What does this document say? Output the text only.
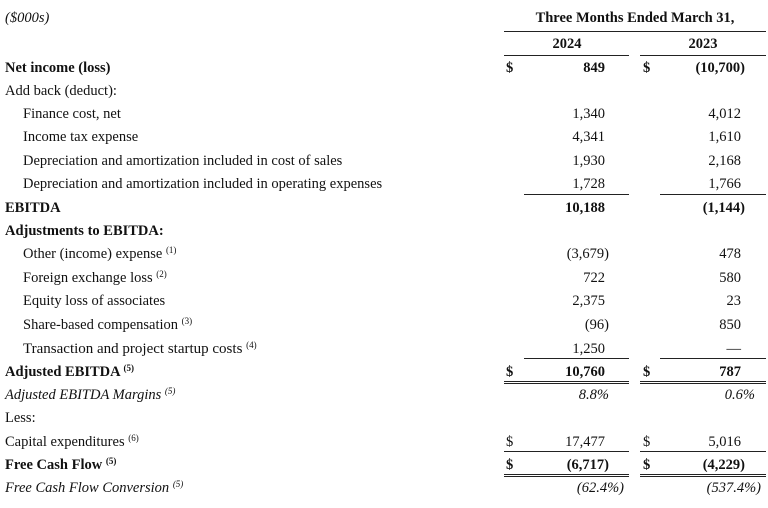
($000s)	Three Months Ended March 31,
2024	2023
Net income (loss)	$	849	$	(10,700)
Add back (deduct):
Finance cost, net	1,340	4,012
Income tax expense	4,341	1,610
Depreciation and amortization included in cost of sales	1,930	2,168
Depreciation and amortization included in operating expenses	1,728	1,766
EBITDA	10,188	(1,144)
Adjustments to EBITDA:
Other (income) expense $^{(1)}$	(3,679)	478
Foreign exchange loss $^{(2)}$	722	580
Equity loss of associates	2,375	23
Share-based compensation $^{(3)}$	(96)	850
Transaction and project startup costs $^{(4)}$	1,250	—
Adjusted EBITDA $^{(5)}$	$	10,760	$	787
Adjusted EBITDA Margins $^{(5)}$	8.8%	0.6%
Less:
Capital expenditures $^{(6)}$	$	17,477	$	5,016
Free Cash Flow $^{(5)}$	$	(6,717) $	(4,229)
Free Cash Flow Conversion $^{(5)}$	(62.4%)	(537.4%)
